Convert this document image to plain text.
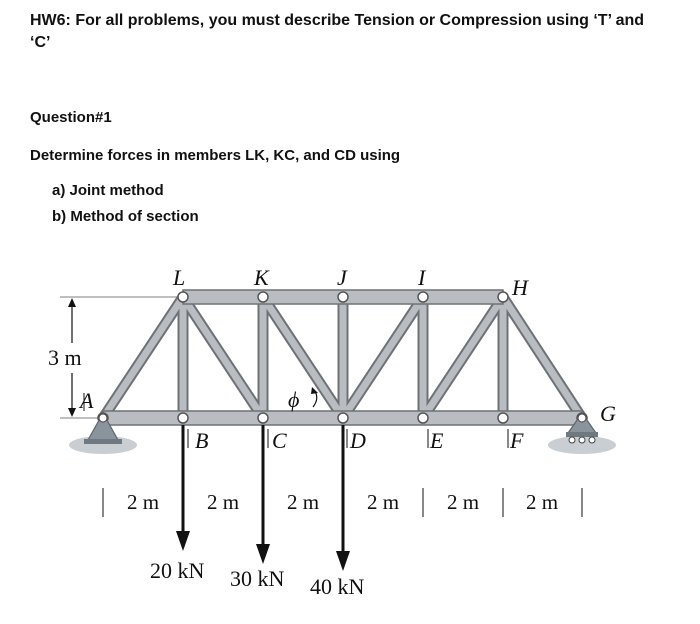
HW6: For all problems, you must describe Tension or Compression using ‘T’ and
‘C’
Question#1
Determine forces in members LK, KC, and CD using
a) Joint method
b) Method of section
3 m
L	K	J	I	H
A
B	C	D	E	F
G
ϕ
2 m 2 m 2 m 2 m 2 m 2 m
20 kN 30 kN 40 kN
